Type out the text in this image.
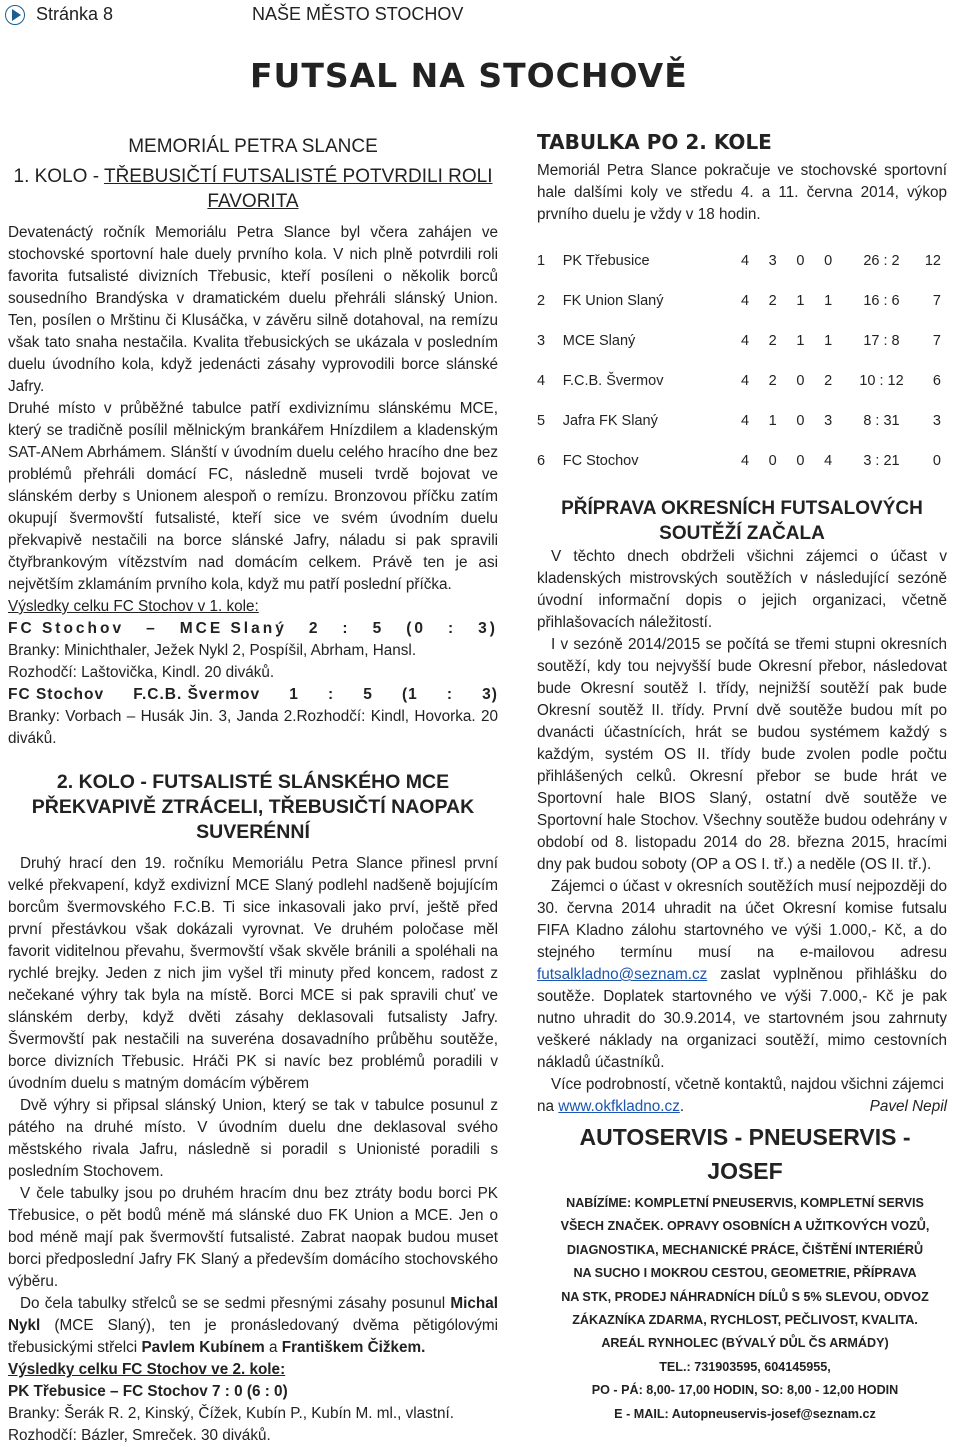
Stránka 8	NAŠE MĚSTO STOCHOV
FUTSAL NA STOCHOVĚ

MEMORIÁL PETRA SLANCE

1. KOLO - TŘEBUSIČTÍ FUTSALISTÉ POTVRDILI ROLI FAVORITA

Devatenáctý ročník Memoriálu Petra Slance byl včera zahájen ve stochovské sportovní hale duely prvního kola. V nich plně potvrdili roli favorita futsalisté divizních Třebusic, kteří posíleni o několik borců sousedního Brandýska v dramatickém duelu přehráli slánský Union. Ten, posílen o Mrštinu či Klusáčka, v závěru silně dotahoval, na remízu však tato snaha nestačila. Kvalita třebusických se ukázala v posledním duelu úvodního kola, když jedenácti zásahy vyprovodili borce slánské Jafry.

Druhé místo v průběžné tabulce patří exdiviznímu slánskému MCE, který se tradičně posílil mělnickým brankářem Hnízdilem a kladenským SAT-ANem Abrhámem. Slánští v úvodním duelu celého hracího dne bez problémů přehráli domácí FC, následně museli tvrdě bojovat ve slánském derby s Unionem alespoň o remízu. Bronzovou příčku zatím okupují švermovští futsalisté, kteří sice ve svém úvodním duelu překvapivě nestačili na borce slánské Jafry, náladu si pak spravili čtyřbrankovým vítězstvím nad domácím celkem. Právě ten je asi největším zklamáním prvního kola, když mu patří poslední příčka.

Výsledky celku FC Stochov v 1. kole:

FC Stochov – MCE Slaný 2 : 5 (0 : 3)

Branky: Minichthaler, Ježek Nykl 2, Pospíšil, Abrham, Hansl.

Rozhodčí: Laštovička, Kindl. 20 diváků.

FC Stochov F.C.B. Švermov 1 : 5 (1 : 3)

Branky: Vorbach – Husák Jin. 3, Janda 2.Rozhodčí: Kindl, Hovorka. 20 diváků.

2. KOLO - FUTSALISTÉ SLÁNSKÉHO MCE PŘEKVAPIVĚ ZTRÁCELI, TŘEBUSIČTÍ NAOPAK SUVERÉNNÍ

Druhý hrací den 19. ročníku Memoriálu Petra Slance přinesl první velké překvapení, když exdiviznÍ MCE Slaný podlehl nadšeně bojujícím borcům švermovského F.C.B. Ti sice inkasovali jako prví, ještě před první přestávkou však dokázali vyrovnat. Ve druhém poločase měl favorit viditelnou převahu, švermovští však skvěle bránili a spoléhali na rychlé brejky. Jeden z nich jim vyšel tři minuty před koncem, radost z nečekané výhry tak byla na místě. Borci MCE si pak spravili chuť ve slánském derby, když dvěti zásahy deklasovali futsalisty Jafry. Švermovští pak nestačili na suveréna dosavadního průběhu soutěže, borce divizních Třebusic. Hráči PK si navíc bez problémů poradili v úvodním duelu s matným domácím výběrem

Dvě výhry si připsal slánský Union, který se tak v tabulce posunul z pátého na druhé místo. V úvodním duelu dne deklasoval svého městského rivala Jafru, následně si poradil s Unionisté poradili s posledním Stochovem.

V čele tabulky jsou po druhém hracím dnu bez ztráty bodu borci PK Třebusice, o pět bodů méně má slánské duo FK Union a MCE. Jen o bod méně mají pak švermovští futsalisté. Zabrat naopak budou muset borci předposlední Jafry FK Slaný a především domácího stochovského výběru.

Do čela tabulky střelců se se sedmi přesnými zásahy posunul Michal Nykl (MCE Slaný), ten je pronásledovaný dvěma pětigólovými třebusickými střelci Pavlem Kubínem a Františkem Čižkem.

Výsledky celku FC Stochov ve 2. kole:

PK Třebusice – FC Stochov 7 : 0 (6 : 0)

Branky: Šerák R. 2, Kinský, Čížek, Kubín P., Kubín M. ml., vlastní.

Rozhodčí: Bázler, Smreček. 30 diváků.

TABULKA PO 2. KOLE

Memoriál Petra Slance pokračuje ve stochovské sportovní hale dalšími koly ve středu 4. a 11. června 2014, výkop prvního duelu je vždy v 18 hodin.

1	PK Třebusice	4	3	0	0	26 : 2	12
2	FK Union Slaný	4	2	1	1	16 : 6	7
3	MCE Slaný	4	2	1	1	17 : 8	7
4	F.C.B. Švermov	4	2	0	2	10 : 12	6
5	Jafra FK Slaný	4	1	0	3	8 : 31	3
6	FC Stochov	4	0	0	4	3 : 21	0

PŘÍPRAVA OKRESNÍCH FUTSALOVÝCH SOUTĚŽÍ ZAČALA

V těchto dnech obdrželi všichni zájemci o účast v kladenských mistrovských soutěžích v následující sezóně úvodní informační dopis o jejich organizaci, včetně přihlašovacích náležitostí.

I v sezóně 2014/2015 se počítá se třemi stupni okresních soutěží, kdy tou nejvyšší bude Okresní přebor, následovat bude Okresní soutěž I. třídy, nejnižší soutěží pak bude Okresní soutěž II. třídy. První dvě soutěže budou mít po dvanácti účastnících, hrát se budou systémem každý s každým, systém OS II. třídy bude zvolen podle počtu přihlášených celků. Okresní přebor se bude hrát ve Sportovní hale BIOS Slaný, ostatní dvě soutěže ve Sportovní hale Stochov. Všechny soutěže budou odehrány v období od 8. listopadu 2014 do 28. března 2015, hracími dny pak budou soboty (OP a OS I. tř.) a neděle (OS II. tř.).

Zájemci o účast v okresních soutěžích musí nejpozději do 30. června 2014 uhradit na účet Okresní komise futsalu FIFA Kladno zálohu startovného ve výši 1.000,- Kč, a do stejného termínu musí na e-mailovou adresu futsalkladno@seznam.cz zaslat vyplněnou přihlášku do soutěže. Doplatek startovného ve výši 7.000,- Kč je pak nutno uhradit do 30.9.2014, ve startovném jsou zahrnuty veškeré náklady na organizaci soutěží, mimo cestovních nákladů účastníků.

Více podrobností, včetně kontaktů, najdou všichni zájemci na www.okfkladno.cz.	Pavel Nepil

AUTOSERVIS - PNEUSERVIS - JOSEF
NABÍZÍME: KOMPLETNÍ PNEUSERVIS, KOMPLETNÍ SERVIS
VŠECH ZNAČEK. OPRAVY OSOBNÍCH A UŽITKOVÝCH VOZŮ,
DIAGNOSTIKA, MECHANICKÉ PRÁCE, ČIŠTĚNÍ INTERIÉRŮ
NA SUCHO I MOKROU CESTOU, GEOMETRIE, PŘÍPRAVA
NA STK, PRODEJ NÁHRADNÍCH DÍLŮ S 5% SLEVOU, ODVOZ
ZÁKAZNÍKA ZDARMA, RYCHLOST, PEČLIVOST, KVALITA.
AREÁL RYNHOLEC (BÝVALÝ DŮL ČS ARMÁDY)
TEL.: 731903595, 604145955,
PO - PÁ: 8,00- 17,00 HODIN, SO: 8,00 - 12,00 HODIN
E - MAIL: Autopneuservis-josef@seznam.cz
